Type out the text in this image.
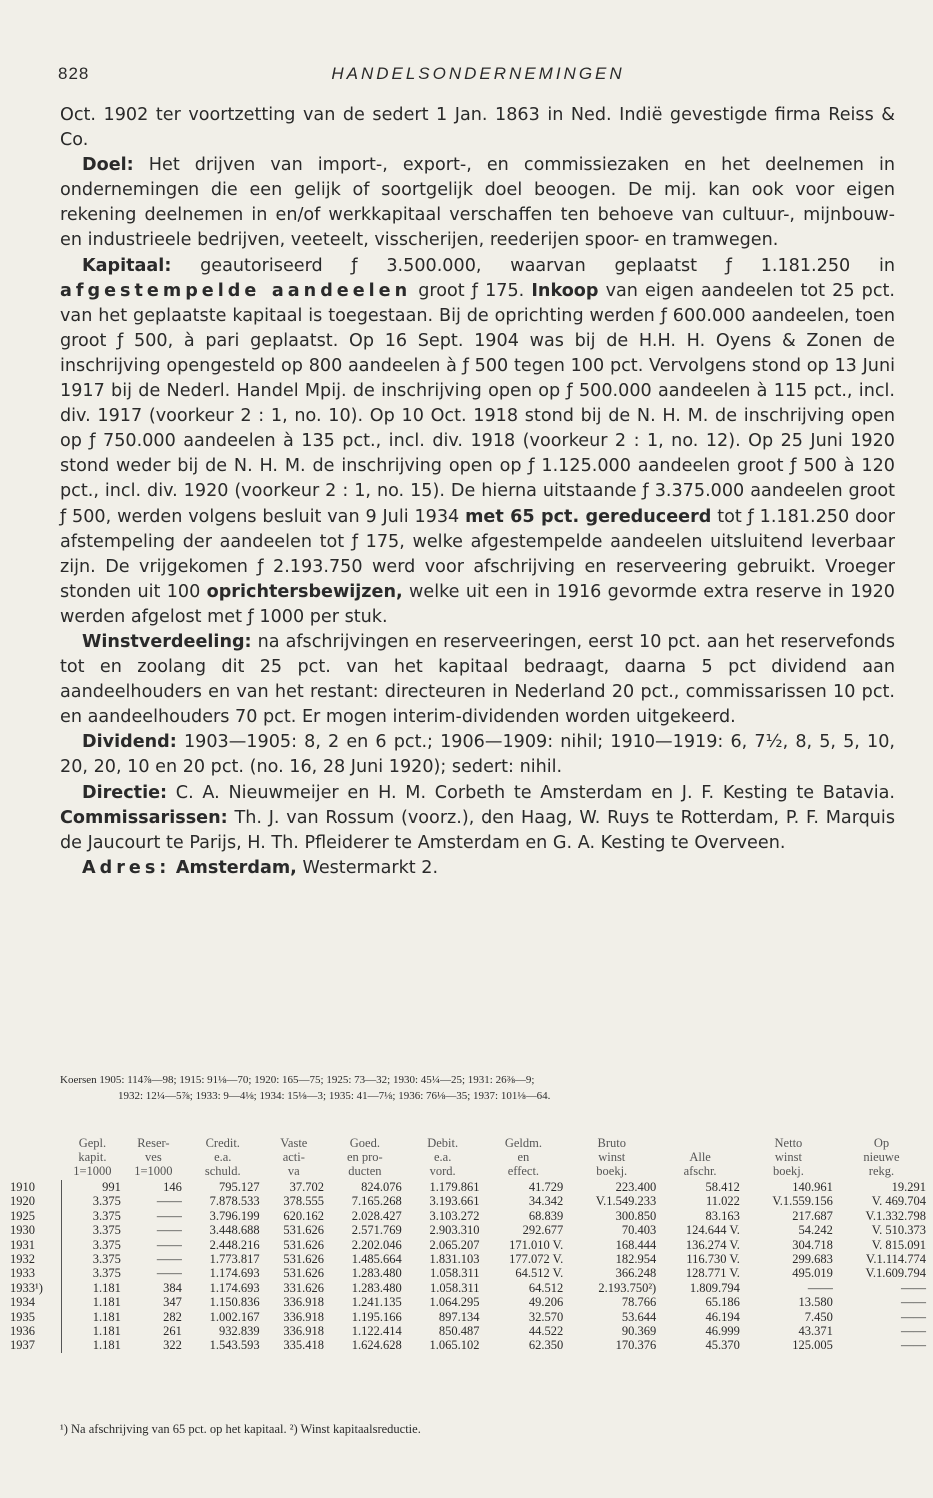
828	HANDELSONDERNEMINGEN

Oct. 1902 ter voortzetting van de sedert 1 Jan. 1863 in Ned. Indië gevestigde firma Reiss & Co.

Doel: Het drijven van import-, export-, en commissiezaken en het deelnemen in ondernemingen die een gelijk of soortgelijk doel beoogen. De mij. kan ook voor eigen rekening deelnemen in en/of werkkapitaal verschaffen ten behoeve van cultuur-, mijnbouw- en industrieele bedrijven, veeteelt, visscherijen, reederijen spoor- en tramwegen.

Kapitaal: geautoriseerd ƒ 3.500.000, waarvan geplaatst ƒ 1.181.250 in afgestempelde aandeelen groot ƒ 175. Inkoop van eigen aandeelen tot 25 pct. van het geplaatste kapitaal is toegestaan. Bij de oprichting werden ƒ 600.000 aandeelen, toen groot ƒ 500, à pari geplaatst. Op 16 Sept. 1904 was bij de H.H. H. Oyens & Zonen de inschrijving opengesteld op 800 aandeelen à ƒ 500 tegen 100 pct. Vervolgens stond op 13 Juni 1917 bij de Nederl. Handel Mpij. de inschrijving open op ƒ 500.000 aandeelen à 115 pct., incl. div. 1917 (voorkeur 2 : 1, no. 10). Op 10 Oct. 1918 stond bij de N. H. M. de inschrijving open op ƒ 750.000 aandeelen à 135 pct., incl. div. 1918 (voorkeur 2 : 1, no. 12). Op 25 Juni 1920 stond weder bij de N. H. M. de inschrijving open op ƒ 1.125.000 aandeelen groot ƒ 500 à 120 pct., incl. div. 1920 (voorkeur 2 : 1, no. 15). De hierna uitstaande ƒ 3.375.000 aandeelen groot ƒ 500, werden volgens besluit van 9 Juli 1934 met 65 pct. gereduceerd tot ƒ 1.181.250 door afstempeling der aandeelen tot ƒ 175, welke afgestempelde aandeelen uitsluitend leverbaar zijn. De vrijgekomen ƒ 2.193.750 werd voor afschrijving en reserveering gebruikt. Vroeger stonden uit 100 oprichtersbewijzen, welke uit een in 1916 gevormde extra reserve in 1920 werden afgelost met ƒ 1000 per stuk.

Winstverdeeling: na afschrijvingen en reserveeringen, eerst 10 pct. aan het reservefonds tot en zoolang dit 25 pct. van het kapitaal bedraagt, daarna 5 pct dividend aan aandeelhouders en van het restant: directeuren in Nederland 20 pct., commissarissen 10 pct. en aandeelhouders 70 pct. Er mogen interim-dividenden worden uitgekeerd.

Dividend: 1903—1905: 8, 2 en 6 pct.; 1906—1909: nihil; 1910—1919: 6, 7½, 8, 5, 5, 10, 20, 20, 10 en 20 pct. (no. 16, 28 Juni 1920); sedert: nihil.

Directie: C. A. Nieuwmeijer en H. M. Corbeth te Amsterdam en J. F. Kesting te Batavia. Commissarissen: Th. J. van Rossum (voorz.), den Haag, W. Ruys te Rotterdam, P. F. Marquis de Jaucourt te Parijs, H. Th. Pfleiderer te Amsterdam en G. A. Kesting te Overveen.

Adres: Amsterdam, Westermarkt 2.

Koersen 1905: 114⅞—98; 1915: 91⅛—70; 1920: 165—75; 1925: 73—32; 1930: 45¼—25; 1931: 26⅜—9;
1932: 12¼—5⅞; 1933: 9—4⅛; 1934: 15⅛—3; 1935: 41—7⅛; 1936: 76⅛—35; 1937: 101⅛—64.
	Gepl.	Reser-	Credit.	Vaste	Goed.	Debit.	Geldm.	Bruto		Netto	Op
	kapit.	ves	e.a.	acti-	en pro-	e.a.	en	winst	Alle	winst	nieuwe
	1=1000	1=1000	schuld.	va	ducten	vord.	effect.	boekj.	afschr.	boekj.	rekg.
1910	991	146	795.127	37.702	824.076	1.179.861	41.729	223.400	58.412	140.961	19.291
1920	3.375	——	7.878.533	378.555	7.165.268	3.193.661	34.342	V.1.549.233	11.022	V.1.559.156	V. 469.704
1925	3.375	——	3.796.199	620.162	2.028.427	3.103.272	68.839	300.850	83.163	217.687	V.1.332.798
1930	3.375	——	3.448.688	531.626	2.571.769	2.903.310	292.677	70.403	124.644 V.	54.242	V. 510.373
1931	3.375	——	2.448.216	531.626	2.202.046	2.065.207	171.010 V.	168.444	136.274 V.	304.718	V. 815.091
1932	3.375	——	1.773.817	531.626	1.485.664	1.831.103	177.072 V.	182.954	116.730 V.	299.683	V.1.114.774
1933	3.375	——	1.174.693	531.626	1.283.480	1.058.311	64.512 V.	366.248	128.771 V.	495.019	V.1.609.794
1933¹)	1.181	384	1.174.693	331.626	1.283.480	1.058.311	64.512	2.193.750²)	1.809.794	——	——
1934	1.181	347	1.150.836	336.918	1.241.135	1.064.295	49.206	78.766	65.186	13.580	——
1935	1.181	282	1.002.167	336.918	1.195.166	897.134	32.570	53.644	46.194	7.450	——
1936	1.181	261	932.839	336.918	1.122.414	850.487	44.522	90.369	46.999	43.371	——
1937	1.181	322	1.543.593	335.418	1.624.628	1.065.102	62.350	170.376	45.370	125.005	——
¹) Na afschrijving van 65 pct. op het kapitaal. ²) Winst kapitaalsreductie.
